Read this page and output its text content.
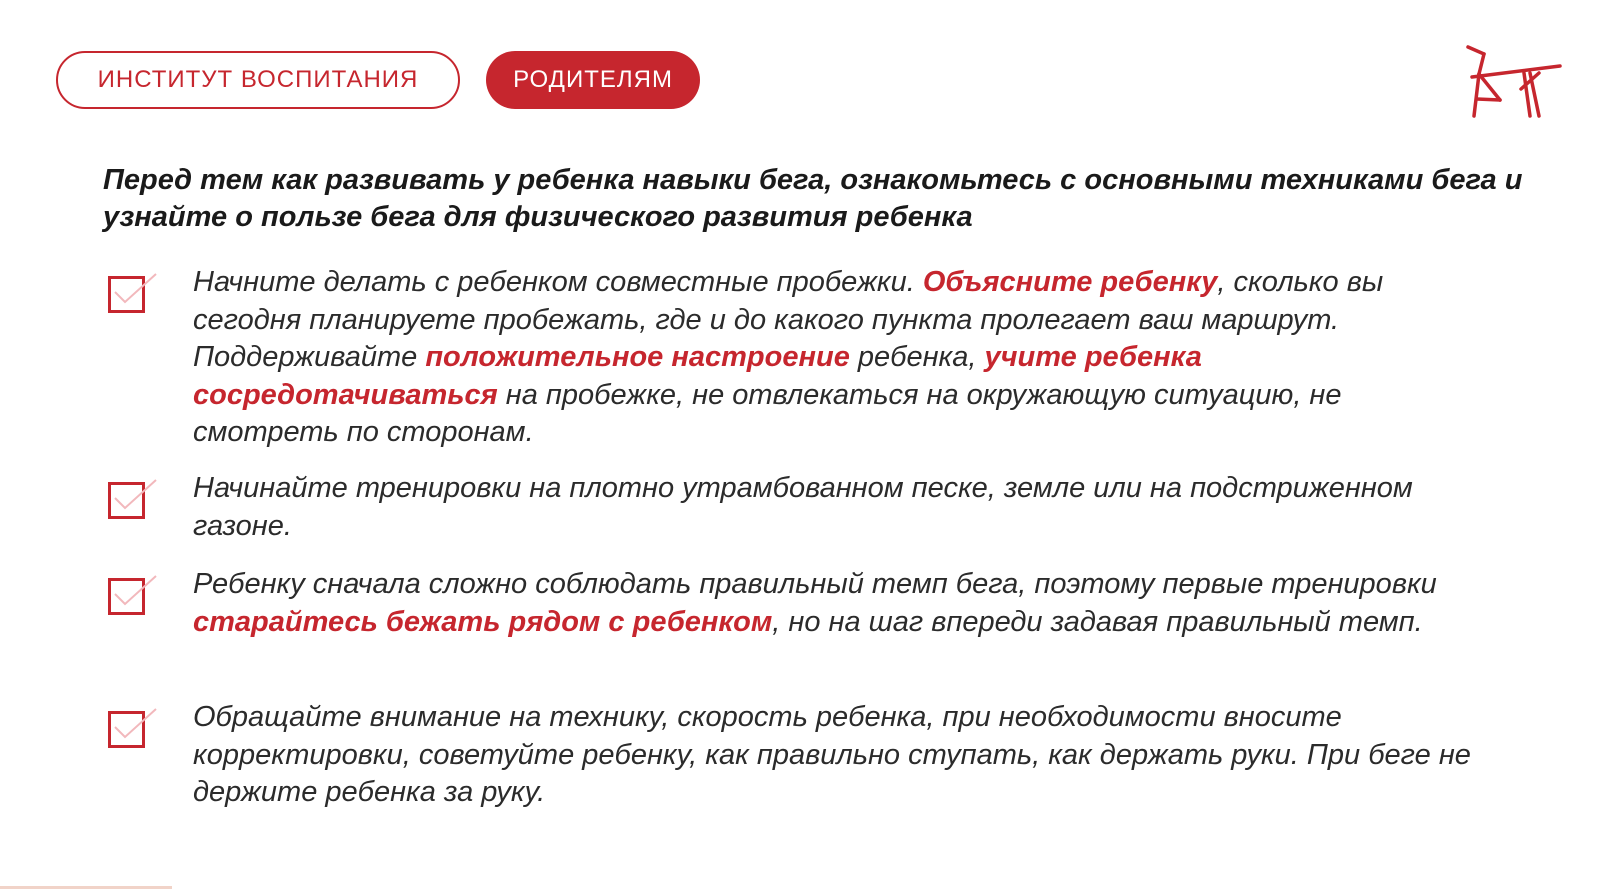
ИНСТИТУТ ВОСПИТАНИЯ	РОДИТЕЛЯМ

Перед тем как развивать у ребенка навыки бега, ознакомьтесь с основными техниками бега и узнайте о пользе бега для физического развития ребенка

Начните делать с ребенком совместные пробежки. Объясните ребенку, сколько вы сегодня планируете пробежать, где и до какого пункта пролегает ваш маршрут. Поддерживайте положительное настроение ребенка, учите ребенка сосредотачиваться на пробежке, не отвлекаться на окружающую ситуацию, не смотреть по сторонам.

Начинайте тренировки на плотно утрамбованном песке, земле или на подстриженном газоне.

Ребенку сначала сложно соблюдать правильный темп бега, поэтому первые тренировки старайтесь бежать рядом с ребенком, но на шаг впереди задавая правильный темп.

Обращайте внимание на технику, скорость ребенка, при необходимости вносите корректировки, советуйте ребенку, как правильно ступать, как держать руки. При беге не держите ребенка за руку.
